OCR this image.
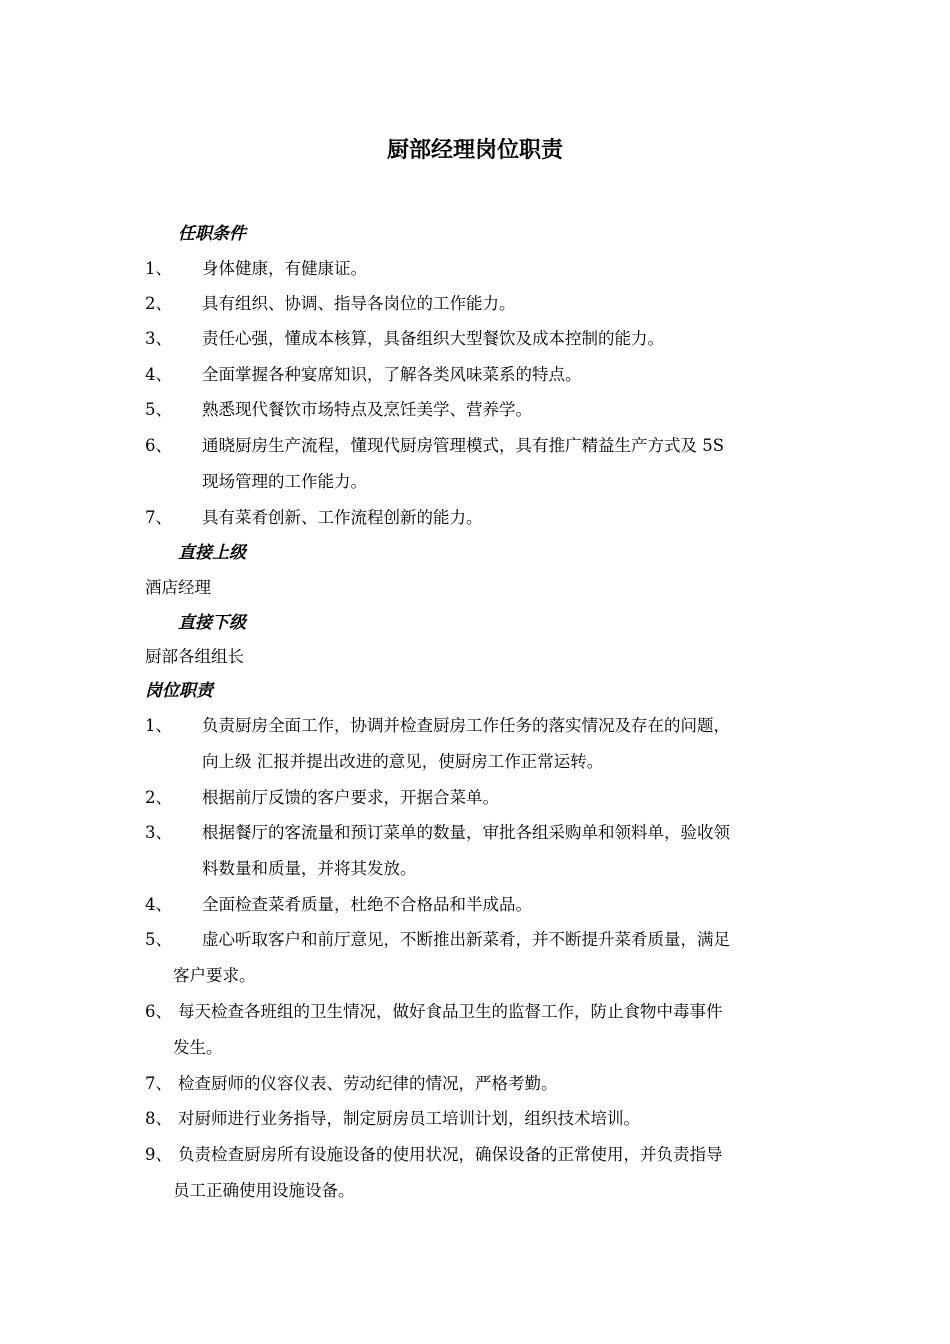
厨部经理岗位职责
任职条件
1、 身体健康，有健康证。
2、 具有组织、协调、指导各岗位的工作能力。
3、 责任心强，懂成本核算，具备组织大型餐饮及成本控制的能力。
4、 全面掌握各种宴席知识，了解各类风味菜系的特点。
5、 熟悉现代餐饮市场特点及烹饪美学、营养学。
6、 通晓厨房生产流程，懂现代厨房管理模式，具有推广精益生产方式及 5S
现场管理的工作能力。
7、 具有菜肴创新、工作流程创新的能力。
直接上级
酒店经理
直接下级
厨部各组组长
岗位职责
1、 负责厨房全面工作，协调并检查厨房工作任务的落实情况及存在的问题，
向上级 汇报并提出改进的意见，使厨房工作正常运转。
2、 根据前厅反馈的客户要求，开据合菜单。
3、 根据餐厅的客流量和预订菜单的数量，审批各组采购单和领料单，验收领
料数量和质量，并将其发放。
4、 全面检查菜肴质量，杜绝不合格品和半成品。
5、 虚心听取客户和前厅意见，不断推出新菜肴，并不断提升菜肴质量，满足
客户要求。
6、 每天检查各班组的卫生情况，做好食品卫生的监督工作，防止食物中毒事件
发生。
7、 检查厨师的仪容仪表、劳动纪律的情况，严格考勤。
8、 对厨师进行业务指导，制定厨房员工培训计划，组织技术培训。
9、 负责检查厨房所有设施设备的使用状况，确保设备的正常使用，并负责指导
员工正确使用设施设备。
